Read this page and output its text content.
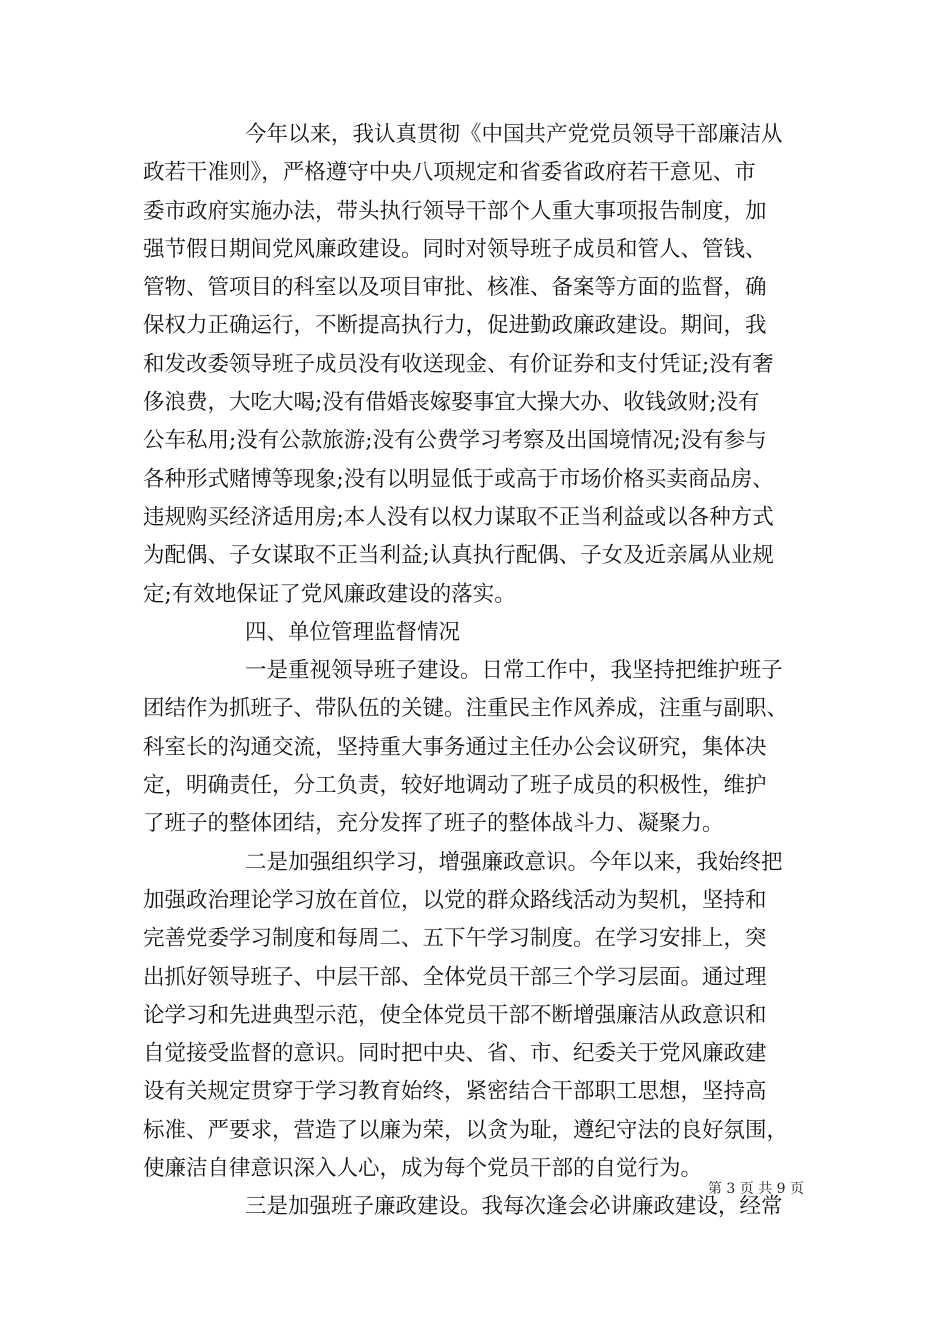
今年以来，我认真贯彻《中国共产党党员领导干部廉洁从
政若干准则》，严格遵守中央八项规定和省委省政府若干意见、市
委市政府实施办法，带头执行领导干部个人重大事项报告制度，加
强节假日期间党风廉政建设。同时对领导班子成员和管人、管钱、
管物、管项目的科室以及项目审批、核准、备案等方面的监督，确
保权力正确运行，不断提高执行力，促进勤政廉政建设。期间，我
和发改委领导班子成员没有收送现金、有价证券和支付凭证;没有奢
侈浪费，大吃大喝;没有借婚丧嫁娶事宜大操大办、收钱敛财;没有
公车私用;没有公款旅游;没有公费学习考察及出国境情况;没有参与
各种形式赌博等现象;没有以明显低于或高于市场价格买卖商品房、
违规购买经济适用房;本人没有以权力谋取不正当利益或以各种方式
为配偶、子女谋取不正当利益;认真执行配偶、子女及近亲属从业规
定;有效地保证了党风廉政建设的落实。
四、单位管理监督情况
一是重视领导班子建设。日常工作中，我坚持把维护班子
团结作为抓班子、带队伍的关键。注重民主作风养成，注重与副职、
科室长的沟通交流，坚持重大事务通过主任办公会议研究，集体决
定，明确责任，分工负责，较好地调动了班子成员的积极性，维护
了班子的整体团结，充分发挥了班子的整体战斗力、凝聚力。
二是加强组织学习，增强廉政意识。今年以来，我始终把
加强政治理论学习放在首位，以党的群众路线活动为契机，坚持和
完善党委学习制度和每周二、五下午学习制度。在学习安排上，突
出抓好领导班子、中层干部、全体党员干部三个学习层面。通过理
论学习和先进典型示范，使全体党员干部不断增强廉洁从政意识和
自觉接受监督的意识。同时把中央、省、市、纪委关于党风廉政建
设有关规定贯穿于学习教育始终，紧密结合干部职工思想，坚持高
标准、严要求，营造了以廉为荣，以贪为耻，遵纪守法的良好氛围，
使廉洁自律意识深入人心，成为每个党员干部的自觉行为。
三是加强班子廉政建设。我每次逢会必讲廉政建设，经常
第 3 页 共 9 页
